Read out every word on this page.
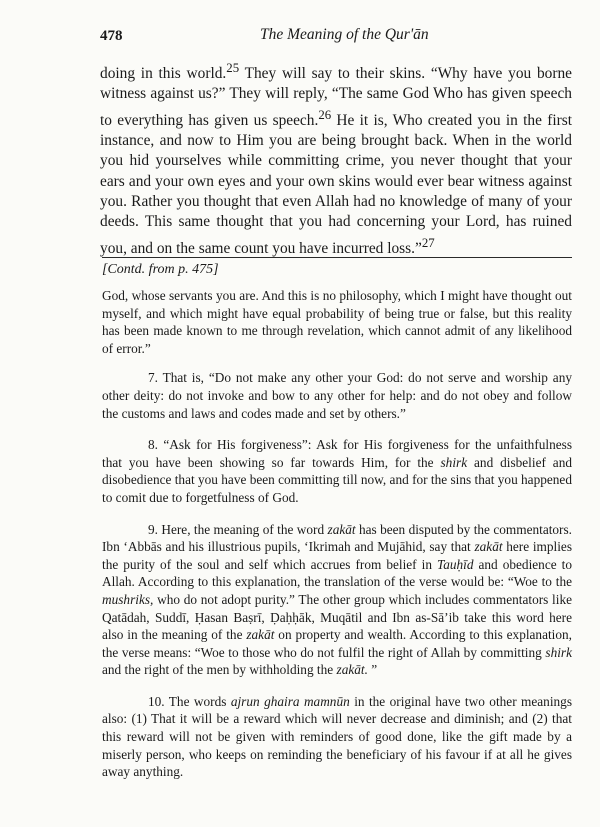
478	The Meaning of the Qur'ān

doing in this world.$^{25}$ They will say to their skins. “Why have you borne witness against us?” They will reply, “The same God Who has given speech to everything has given us speech.$^{26}$ He it is, Who created you in the first instance, and now to Him you are being brought back. When in the world you hid yourselves while committing crime, you never thought that your ears and your own eyes and your own skins would ever bear witness against you. Rather you thought that even Allah had no knowledge of many of your deeds. This same thought that you had concerning your Lord, has ruined you, and on the same count you have incurred loss.”$^{27}$

[Contd. from p. 475]

God, whose servants you are. And this is no philosophy, which I might have thought out myself, and which might have equal probability of being true or false, but this reality has been made known to me through revelation, which cannot admit of any likelihood of error.”

7. That is, “Do not make any other your God: do not serve and worship any other deity: do not invoke and bow to any other for help: and do not obey and follow the customs and laws and codes made and set by others.”

8. “Ask for His forgiveness”: Ask for His forgiveness for the unfaithfulness that you have been showing so far towards Him, for the shirk and disbelief and disobedience that you have been committing till now, and for the sins that you happened to comit due to forgetfulness of God.

9. Here, the meaning of the word zakāt has been disputed by the commentators. Ibn ‘Abbās and his illustrious pupils, ‘Ikrimah and Mujāhid, say that zakāt here implies the purity of the soul and self which accrues from belief in Tauḥīd and obedience to Allah. According to this explanation, the translation of the verse would be: “Woe to the mushriks, who do not adopt purity.” The other group which includes commentators like Qatādah, Suddī, Ḥasan Baṣrī, Ḍaḥḥāk, Muqātil and Ibn as-Sā’ib take this word here also in the meaning of the zakāt on property and wealth. According to this explanation, the verse means: “Woe to those who do not fulfil the right of Allah by committing shirk and the right of the men by withholding the zakāt. ”

10. The words ajrun ghaira mamnūn in the original have two other meanings also: (1) That it will be a reward which will never decrease and diminish; and (2) that this reward will not be given with reminders of good done, like the gift made by a miserly person, who keeps on reminding the beneficiary of his favour if at all he gives away anything.
